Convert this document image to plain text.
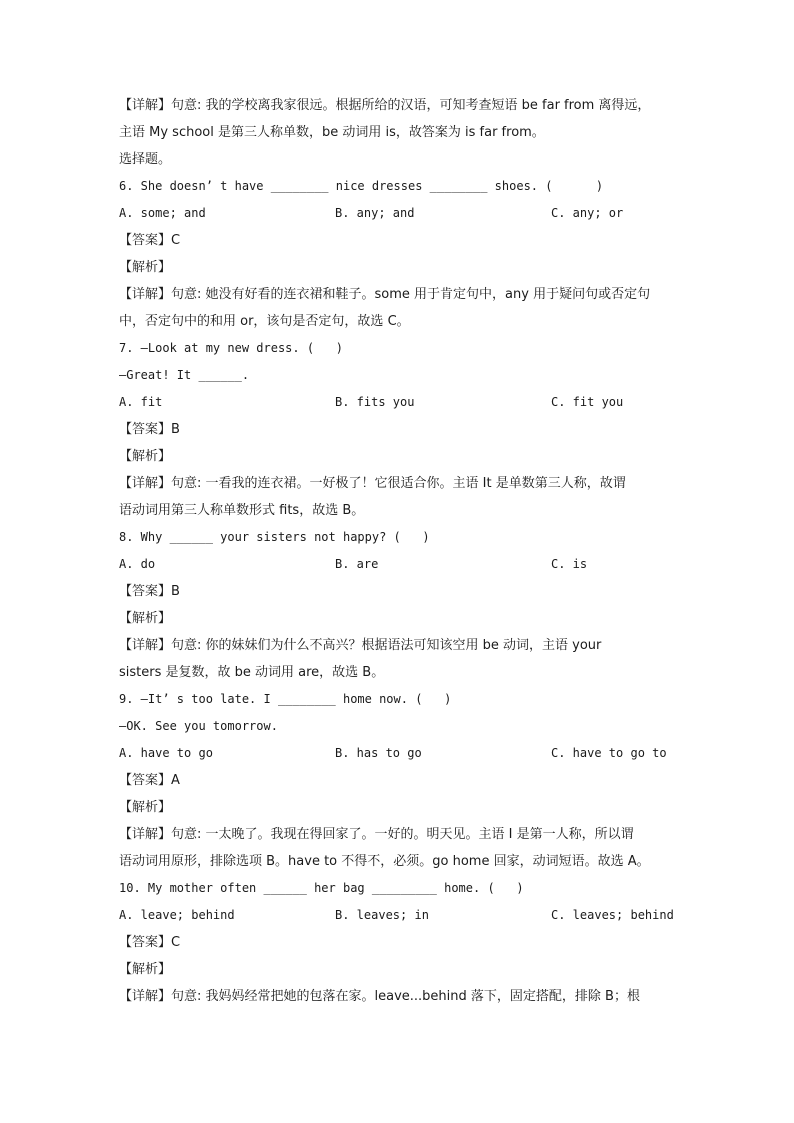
【详解】句意: 我的学校离我家很远。根据所给的汉语，可知考查短语 be far from 离得远，

主语 My school 是第三人称单数，be 动词用 is，故答案为 is far from。

选择题。

6. She doesn’ t have ________ nice dresses ________ shoes. (      )

A. some; and	B. any; and	C. any; or

【答案】C

【解析】

【详解】句意: 她没有好看的连衣裙和鞋子。some 用于肯定句中，any 用于疑问句或否定句

中，否定句中的和用 or，该句是否定句，故选 C。

7. —Look at my new dress. (   )

—Great! It ______.

A. fit	B. fits you	C. fit you

【答案】B

【解析】

【详解】句意: 一看我的连衣裙。一好极了！它很适合你。主语 It 是单数第三人称，故谓

语动词用第三人称单数形式 fits，故选 B。

8. Why ______ your sisters not happy? (   )

A. do	B. are	C. is

【答案】B

【解析】

【详解】句意: 你的妹妹们为什么不高兴？根据语法可知该空用 be 动词，主语 your

sisters 是复数，故 be 动词用 are，故选 B。

9. —It’ s too late. I ________ home now. (   )

—OK. See you tomorrow.

A. have to go	B. has to go	C. have to go to

【答案】A

【解析】

【详解】句意: 一太晚了。我现在得回家了。一好的。明天见。主语 I 是第一人称，所以谓

语动词用原形，排除选项 B。have to 不得不，必须。go home 回家，动词短语。故选 A。

10. My mother often ______ her bag _________ home. (   )

A. leave; behind	B. leaves; in	C. leaves; behind

【答案】C

【解析】

【详解】句意: 我妈妈经常把她的包落在家。leave...behind 落下，固定搭配，排除 B；根
